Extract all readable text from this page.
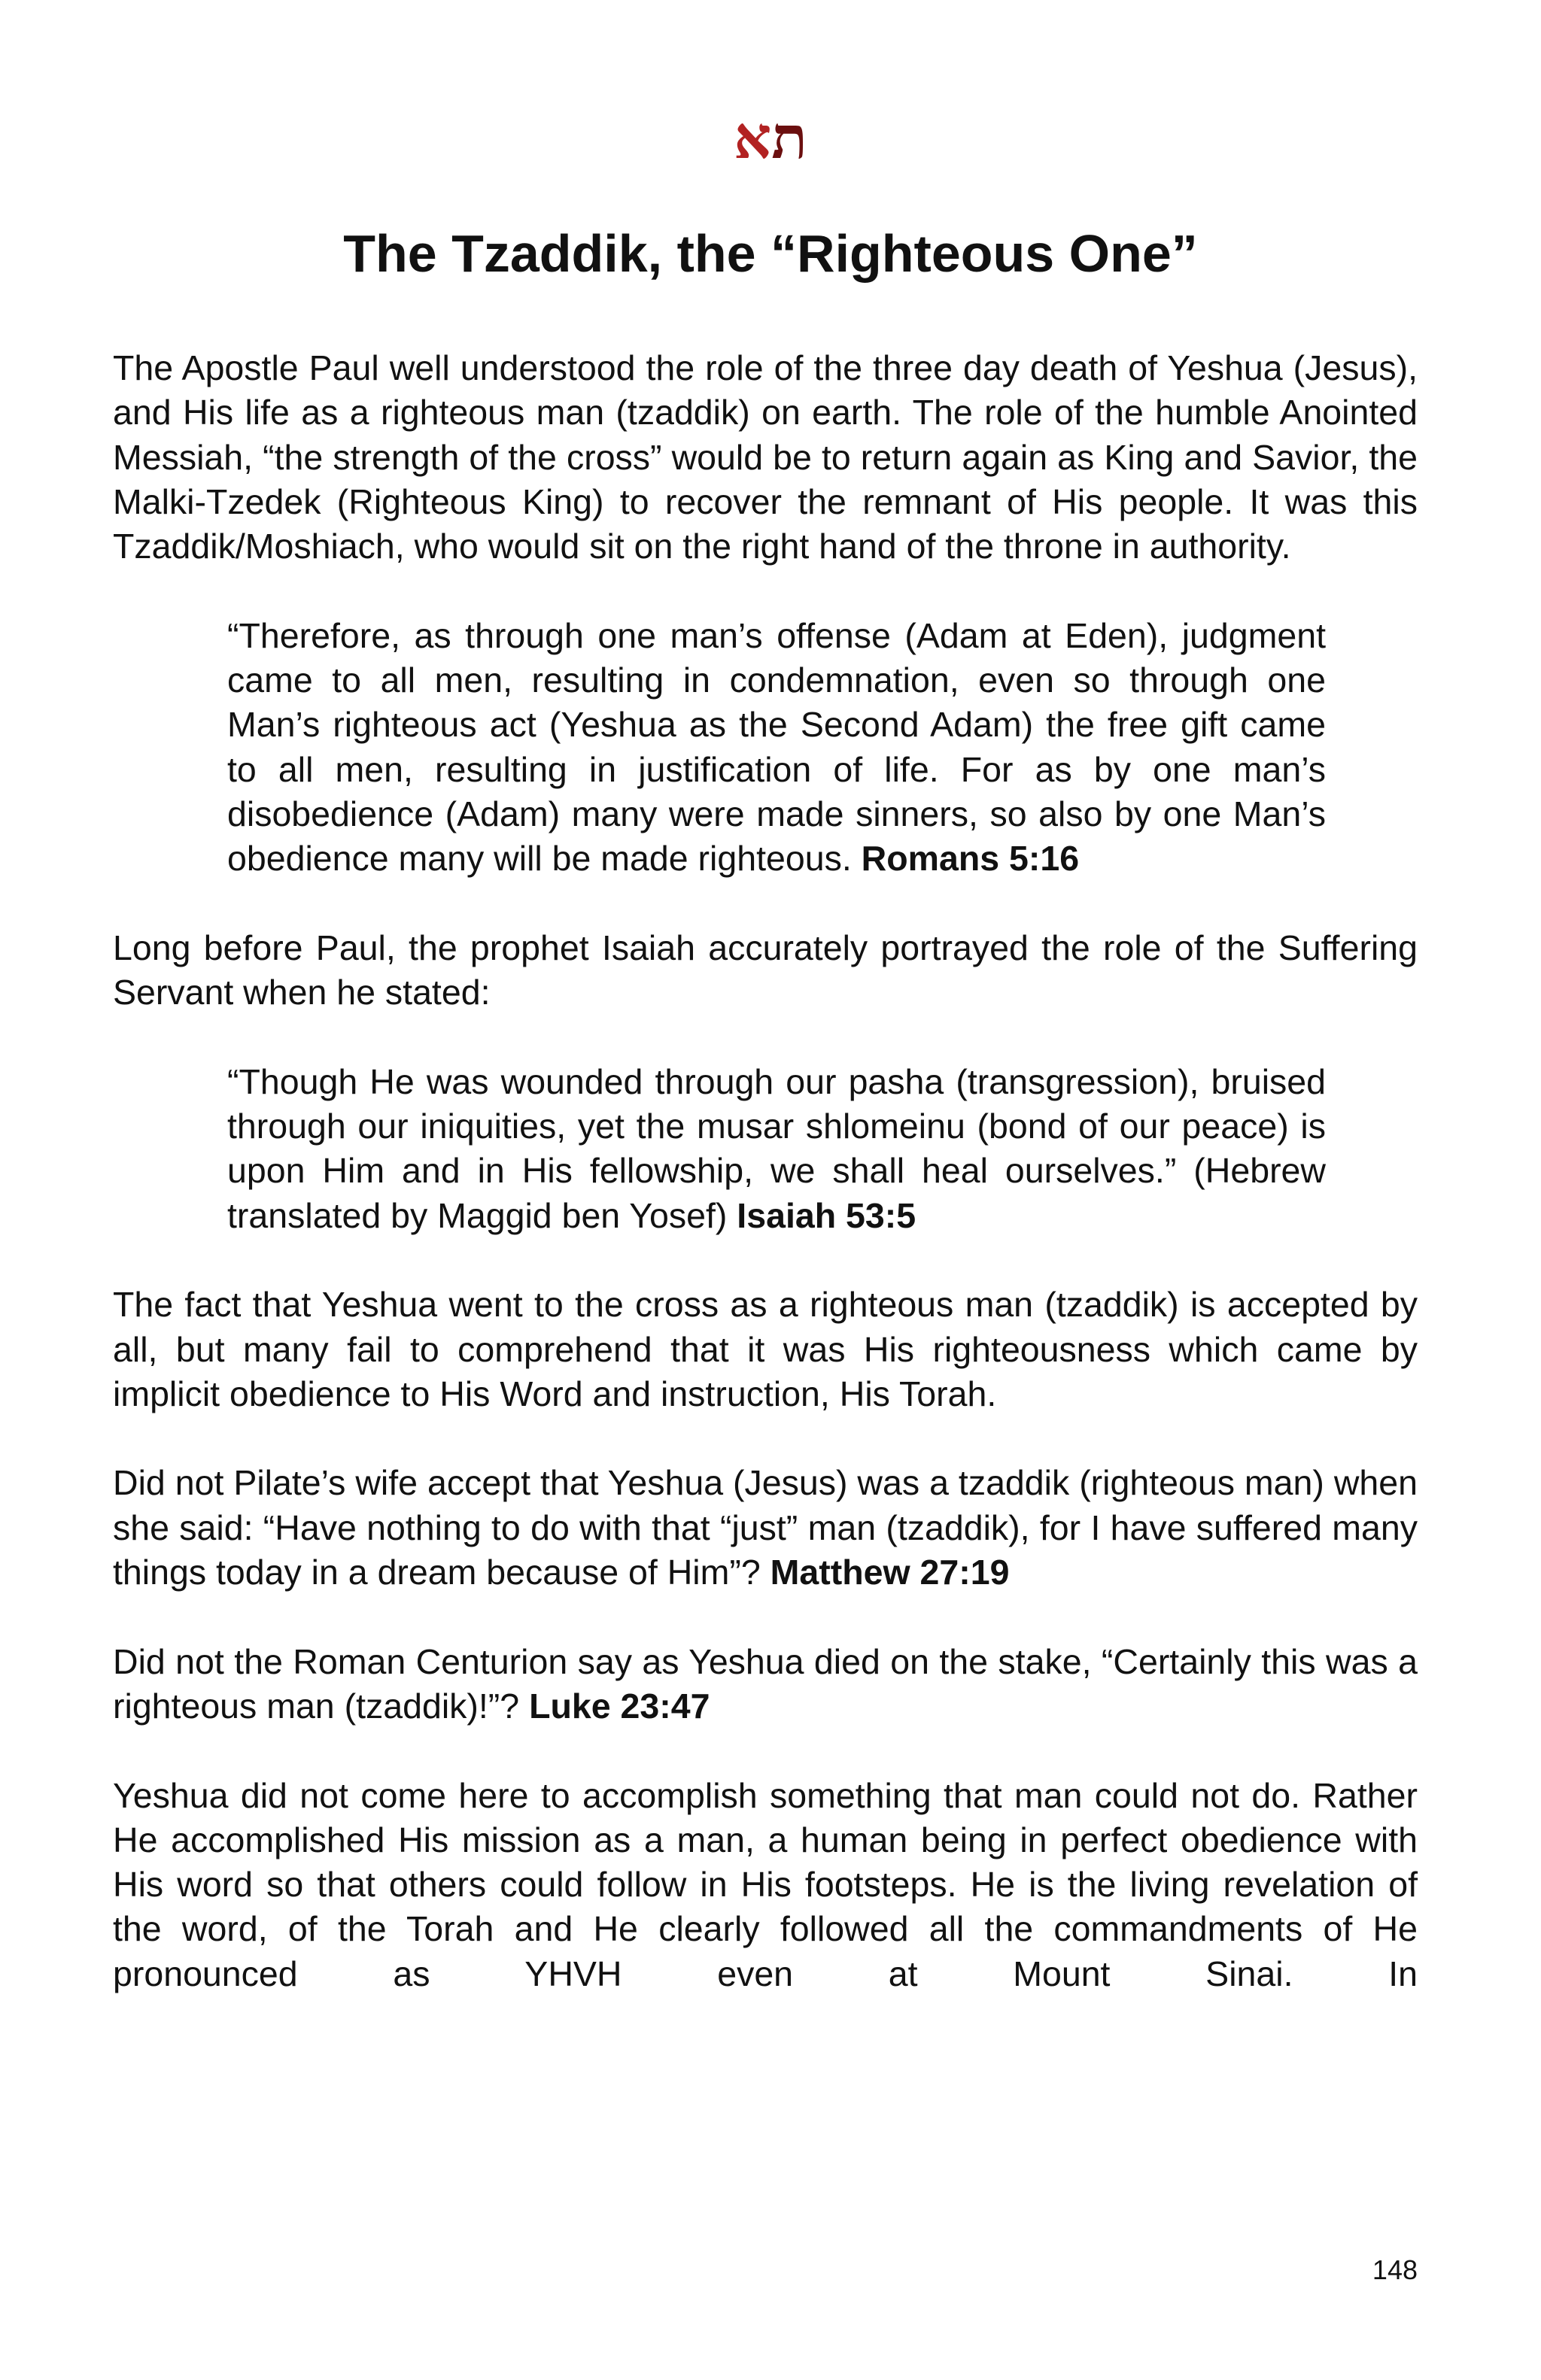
תא
The Tzaddik, the “Righteous One”

The Apostle Paul well understood the role of the three day death of Yeshua (Jesus), and His life as a righteous man (tzaddik) on earth. The role of the humble Anointed Messiah, “the strength of the cross” would be to return again as King and Savior, the Malki-Tzedek (Righteous King) to recover the remnant of His people. It was this Tzaddik/Moshiach, who would sit on the right hand of the throne in authority.

“Therefore, as through one man’s offense (Adam at Eden), judgment came to all men, resulting in condemnation, even so through one Man’s righteous act (Yeshua as the Second Adam) the free gift came to all men, resulting in justification of life. For as by one man’s disobedience (Adam) many were made sinners, so also by one Man’s obedience many will be made righteous. Romans 5:16

Long before Paul, the prophet Isaiah accurately portrayed the role of the Suffering Servant when he stated:

“Though He was wounded through our pasha (transgression), bruised through our iniquities, yet the musar shlomeinu (bond of our peace) is upon Him and in His fellowship, we shall heal ourselves.” (Hebrew translated by Maggid ben Yosef) Isaiah 53:5

The fact that Yeshua went to the cross as a righteous man (tzaddik) is accepted by all, but many fail to comprehend that it was His righteousness which came by implicit obedience to His Word and instruction, His Torah.

Did not Pilate’s wife accept that Yeshua (Jesus) was a tzaddik (righteous man) when she said: “Have nothing to do with that “just” man (tzaddik), for I have suffered many things today in a dream because of Him”? Matthew 27:19

Did not the Roman Centurion say as Yeshua died on the stake, “Certainly this was a righteous man (tzaddik)!”? Luke 23:47

Yeshua did not come here to accomplish something that man could not do. Rather He accomplished His mission as a man, a human being in perfect obedience with His word so that others could follow in His footsteps. He is the living revelation of the word, of the Torah and He clearly followed all the commandments of He pronounced as YHVH even at Mount Sinai. In

148
